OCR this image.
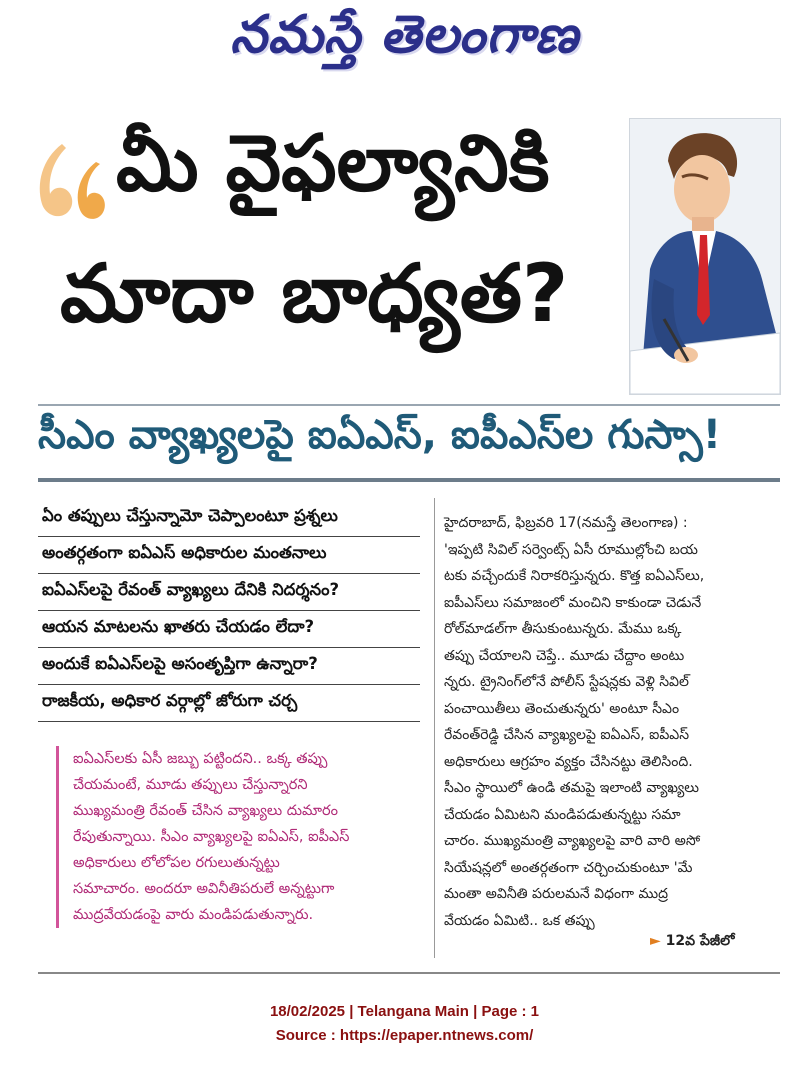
నమస్తే తెలంగాణ
మీ వైఫల్యానికి
మాదా బాధ్యత?
సీఎం వ్యాఖ్యలపై ఐఏఎస్‌, ఐపీఎస్‌ల గుస్సా!
ఏం తప్పులు చేస్తున్నామో చెప్పాలంటూ ప్రశ్నలు
అంతర్గతంగా ఐఏఎస్‌ అధికారుల మంతనాలు
ఐఏఎస్‌లపై రేవంత్‌ వ్యాఖ్యలు దేనికి నిదర్శనం?
ఆయన మాటలను ఖాతరు చేయడం లేదా?
అందుకే ఐఏఎస్‌లపై అసంతృప్తిగా ఉన్నారా?
రాజకీయ, అధికార వర్గాల్లో జోరుగా చర్చ

ఐఏఎస్‌లకు ఏసీ జబ్బు పట్టిందని.. ఒక్క తప్పు

చేయమంటే, మూడు తప్పులు చేస్తున్నారని

ముఖ్యమంత్రి రేవంత్‌ చేసిన వ్యాఖ్యలు దుమారం

రేపుతున్నాయి. సీఎం వ్యాఖ్యలపై ఐఏఎస్‌, ఐపీఎస్‌

అధికారులు లోలోపల రగులుతున్నట్టు

సమాచారం. అందరూ అవినీతిపరులే అన్నట్టుగా

ముద్రవేయడంపై వారు మండిపడుతున్నారు.

హైదరాబాద్‌, ఫిబ్రవరి 17(నమస్తే తెలంగాణ) :

'ఇప్పటి సివిల్‌ సర్వెంట్స్‌ ఏసీ రూముల్లోంచి బయ

టకు వచ్చేందుకే నిరాకరిస్తున్నరు. కొత్త ఐఏఎస్‌లు,

ఐపీఎస్‌లు సమాజంలో మంచిని కాకుండా చెడునే

రోల్‌మాడల్‌గా తీసుకుంటున్నరు. మేము ఒక్క

తప్పు చేయాలని చెప్తే.. మూడు చేద్దాం అంటు

న్నరు. ట్రైనింగ్‌లోనే పోలీస్‌ స్టేషన్లకు వెళ్లి సివిల్‌

పంచాయితీలు తెంచుతున్నరు' అంటూ సీఎం

రేవంత్‌రెడ్డి చేసిన వ్యాఖ్యలపై ఐఏఎస్‌, ఐపీఎస్‌

అధికారులు ఆగ్రహం వ్యక్తం చేసినట్టు తెలిసింది.

సీఎం స్థాయిలో ఉండి తమపై ఇలాంటి వ్యాఖ్యలు

చేయడం ఏమిటని మండిపడుతున్నట్టు సమా

చారం. ముఖ్యమంత్రి వ్యాఖ్యలపై వారి వారి అసో

సియేషన్లలో అంతర్గతంగా చర్చించుకుంటూ 'మే

మంతా అవినీతి పరులమనే విధంగా ముద్ర

వేయడం ఏమిటి.. ఒక తప్పు

► 12వ పేజీలో
18/02/2025 | Telangana Main | Page : 1
Source : https://epaper.ntnews.com/
